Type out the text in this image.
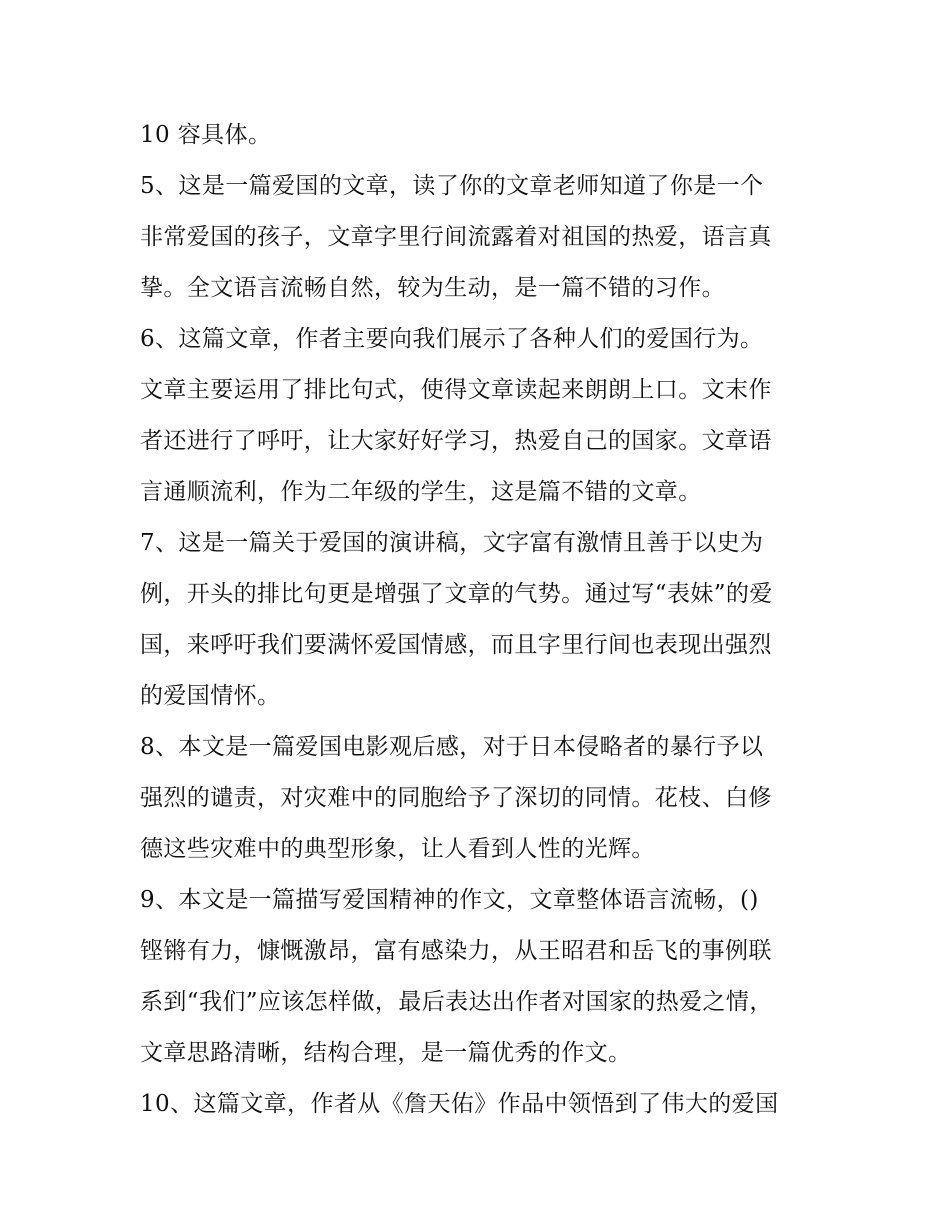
10 容具体。
5、这是一篇爱国的文章，读了你的文章老师知道了你是一个
非常爱国的孩子，文章字里行间流露着对祖国的热爱，语言真
挚。全文语言流畅自然，较为生动，是一篇不错的习作。
6、这篇文章，作者主要向我们展示了各种人们的爱国行为。
文章主要运用了排比句式，使得文章读起来朗朗上口。文末作
者还进行了呼吁，让大家好好学习，热爱自己的国家。文章语
言通顺流利，作为二年级的学生，这是篇不错的文章。
7、这是一篇关于爱国的演讲稿，文字富有激情且善于以史为
例，开头的排比句更是增强了文章的气势。通过写“表妹”的爱
国，来呼吁我们要满怀爱国情感，而且字里行间也表现出强烈
的爱国情怀。
8、本文是一篇爱国电影观后感，对于日本侵略者的暴行予以
强烈的谴责，对灾难中的同胞给予了深切的同情。花枝、白修
德这些灾难中的典型形象，让人看到人性的光辉。
9、本文是一篇描写爱国精神的作文，文章整体语言流畅，()
铿锵有力，慷慨激昂，富有感染力，从王昭君和岳飞的事例联
系到“我们”应该怎样做，最后表达出作者对国家的热爱之情，
文章思路清晰，结构合理，是一篇优秀的作文。
10、这篇文章，作者从《詹天佑》作品中领悟到了伟大的爱国
